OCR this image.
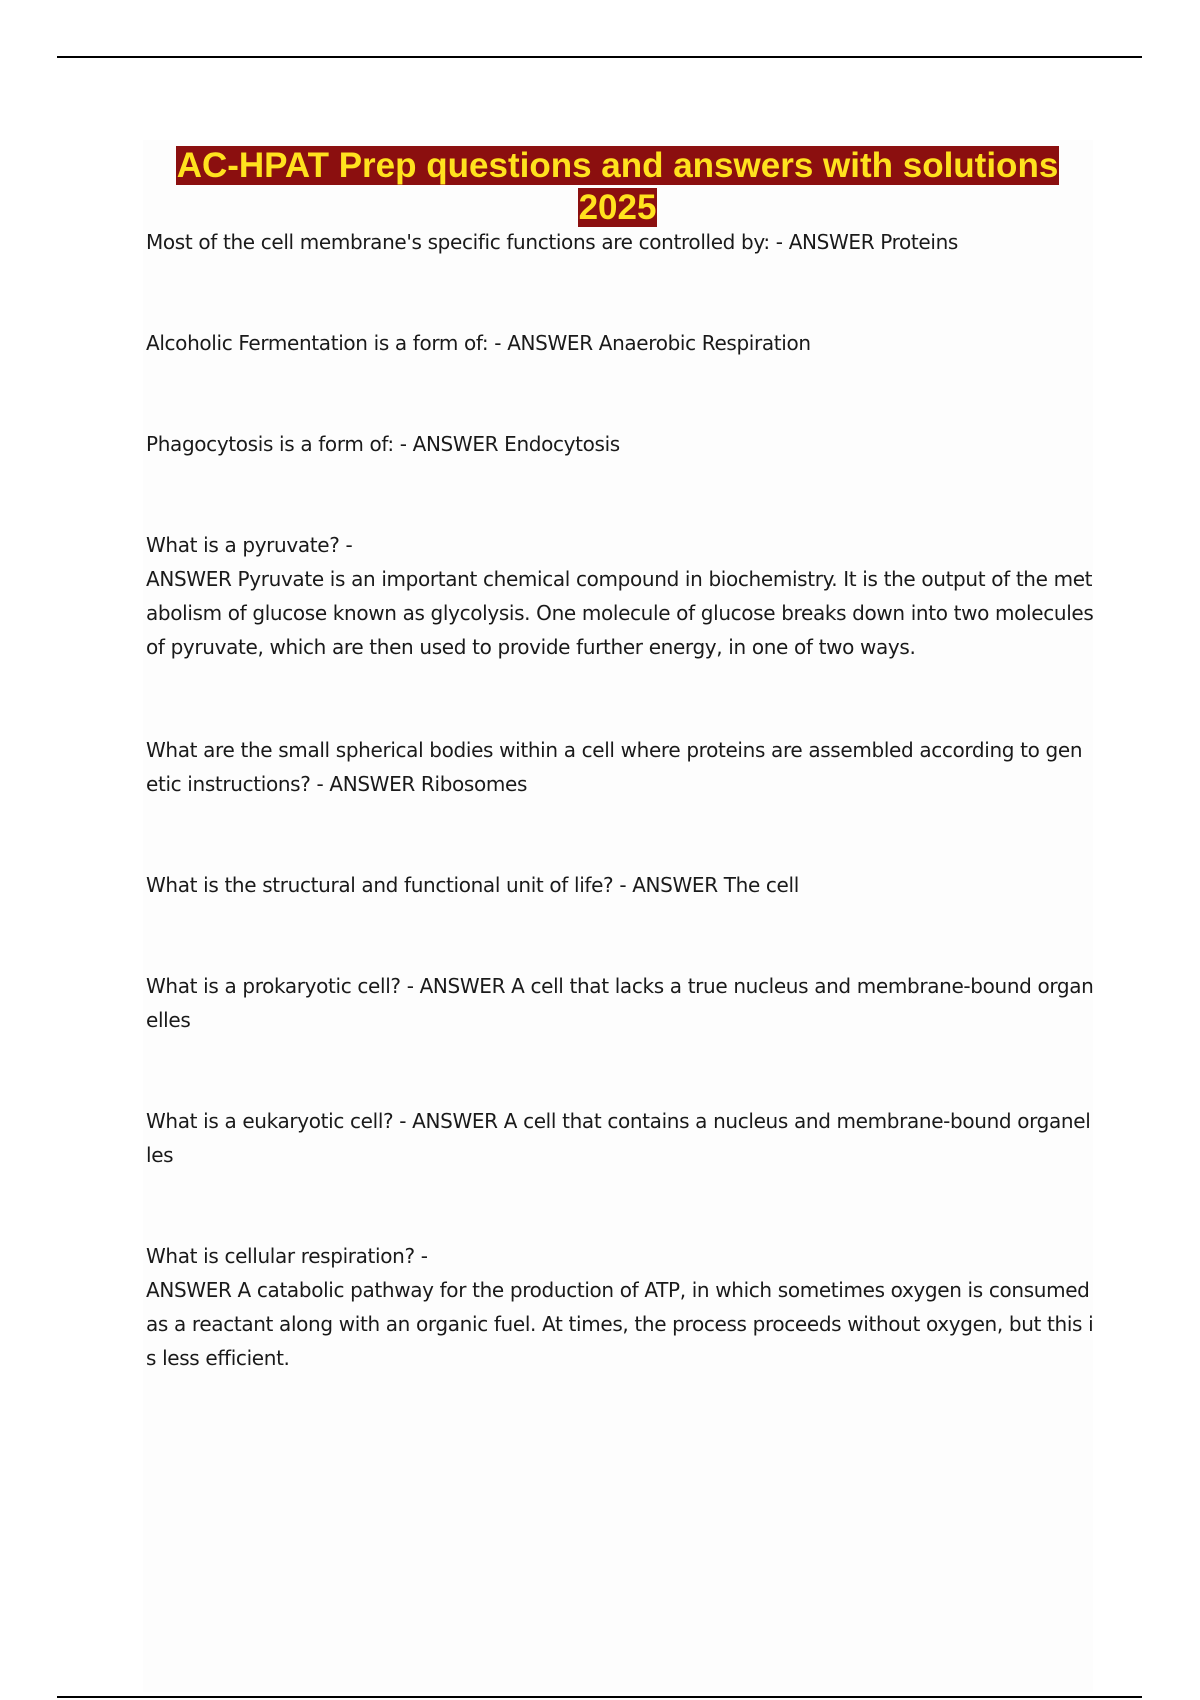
AC-HPAT Prep questions and answers with solutions 2025

Most of the cell membrane's specific functions are controlled by: - ANSWER Proteins

Alcoholic Fermentation is a form of: - ANSWER Anaerobic Respiration

Phagocytosis is a form of: - ANSWER Endocytosis

What is a pyruvate? -
ANSWER Pyruvate is an important chemical compound in biochemistry. It is the output of the metabolism of glucose known as glycolysis. One molecule of glucose breaks down into two molecules of pyruvate, which are then used to provide further energy, in one of two ways.

What are the small spherical bodies within a cell where proteins are assembled according to genetic instructions? - ANSWER Ribosomes

What is the structural and functional unit of life? - ANSWER The cell

What is a prokaryotic cell? - ANSWER A cell that lacks a true nucleus and membrane-bound organelles

What is a eukaryotic cell? - ANSWER A cell that contains a nucleus and membrane-bound organelles

What is cellular respiration? -
ANSWER A catabolic pathway for the production of ATP, in which sometimes oxygen is consumed as a reactant along with an organic fuel. At times, the process proceeds without oxygen, but this is less efficient.
